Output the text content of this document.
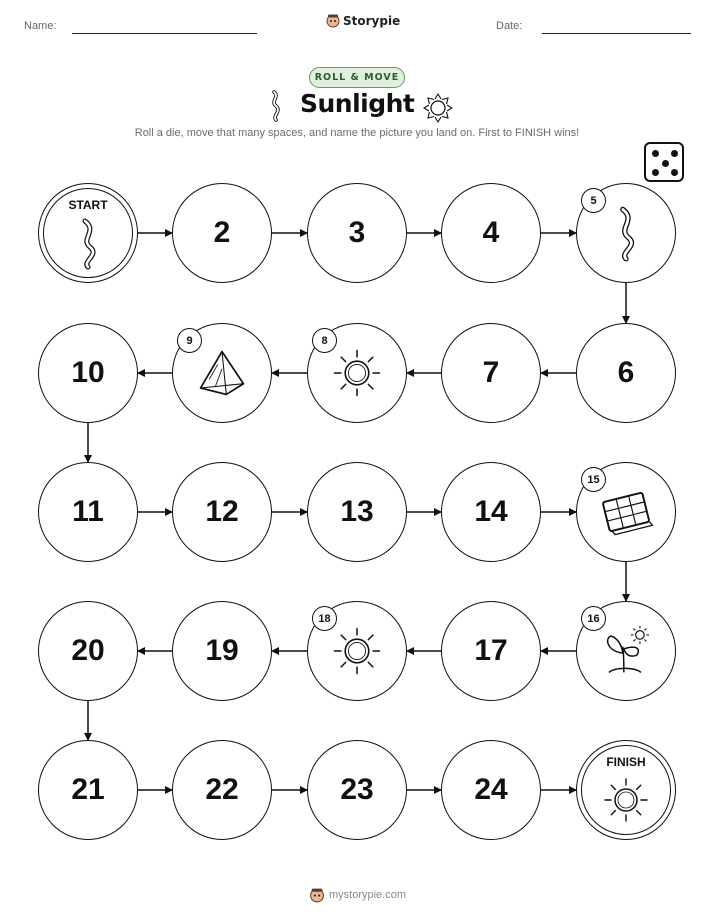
Name:	Storypie	Date:
ROLL & MOVE
Sunlight
Roll a die, move that many spaces, and name the picture you land on. First to FINISH wins!
START
2	3	4
5
6
7
8
9
10
11	12	13	14
15
16
17
18
19
20
21	22	23	24
FINISH
mystorypie.com
